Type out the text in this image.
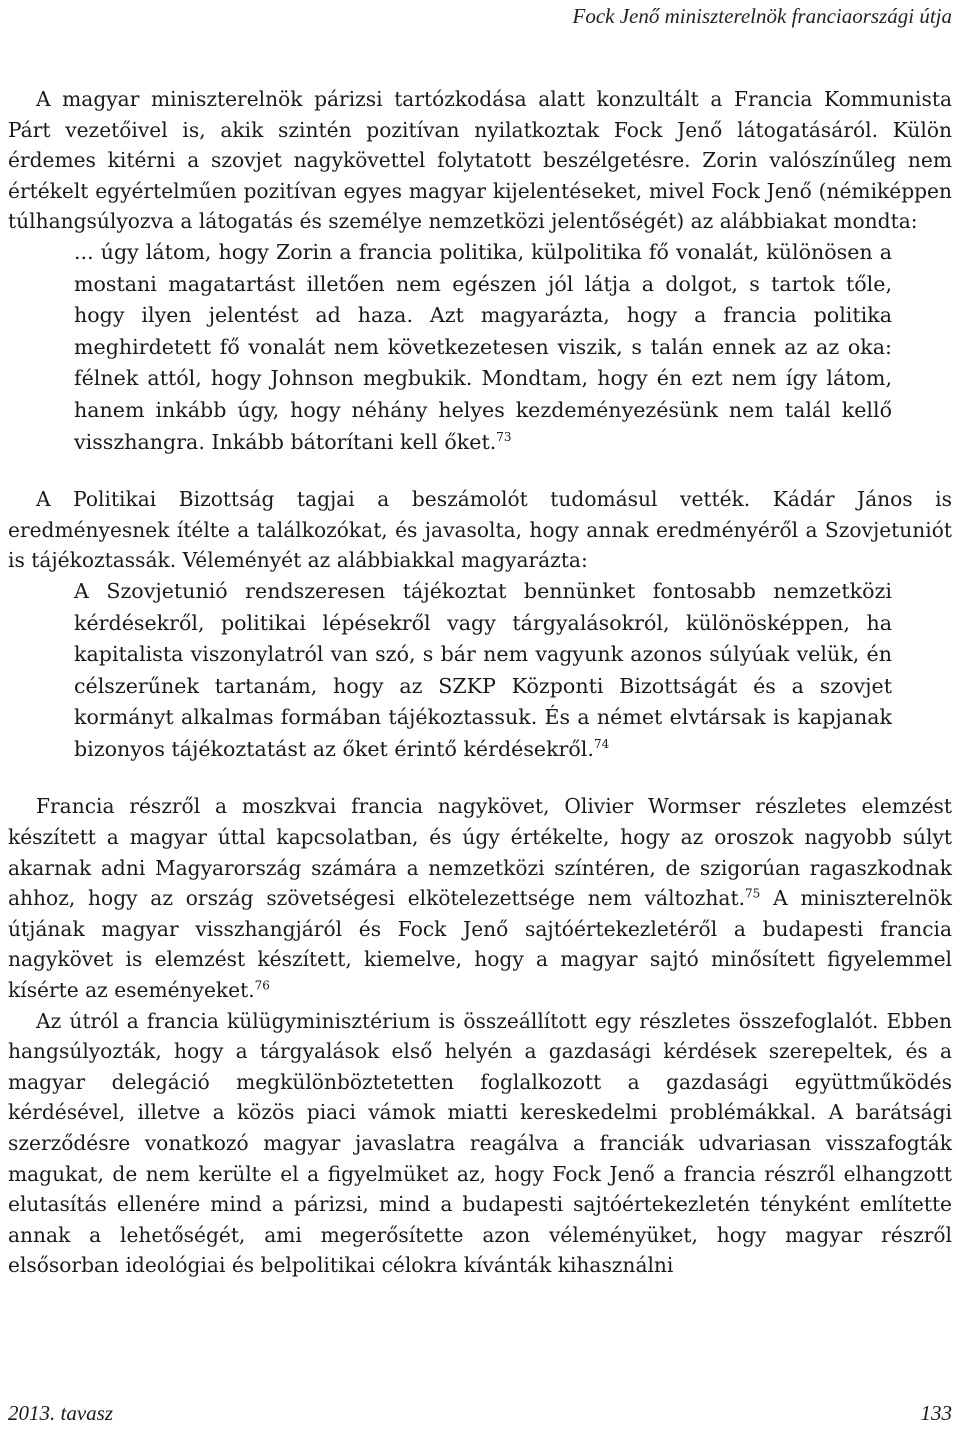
Fock Jenő miniszterelnök franciaországi útja

A magyar miniszterelnök párizsi tartózkodása alatt konzultált a Francia Kommunista Párt vezetőivel is, akik szintén pozitívan nyilatkoztak Fock Jenő látogatásáról. Külön érdemes kitérni a szovjet nagykövettel folytatott beszélgetésre. Zorin valószínűleg nem értékelt egyértelműen pozitívan egyes magyar kijelentéseket, mivel Fock Jenő (némiképpen túlhangsúlyozva a látogatás és személye nemzetközi jelentőségét) az alábbiakat mondta:

... úgy látom, hogy Zorin a francia politika, külpolitika fő vonalát, különösen a mostani magatartást illetően nem egészen jól látja a dolgot, s tartok tőle, hogy ilyen jelentést ad haza. Azt magyarázta, hogy a francia politika meghirdetett fő vonalát nem következetesen viszik, s talán ennek az az oka: félnek attól, hogy Johnson megbukik. Mondtam, hogy én ezt nem így látom, hanem inkább úgy, hogy néhány helyes kezdeményezésünk nem talál kellő visszhangra. Inkább bátorítani kell őket.$^{73}$

A Politikai Bizottság tagjai a beszámolót tudomásul vették. Kádár János is eredményesnek ítélte a találkozókat, és javasolta, hogy annak eredményéről a Szovjetuniót is tájékoztassák. Véleményét az alábbiakkal magyarázta:

A Szovjetunió rendszeresen tájékoztat bennünket fontosabb nemzetközi kérdésekről, politikai lépésekről vagy tárgyalásokról, különösképpen, ha kapitalista viszonylatról van szó, s bár nem vagyunk azonos súlyúak velük, én célszerűnek tartanám, hogy az SZKP Központi Bizottságát és a szovjet kormányt alkalmas formában tájékoztassuk. És a német elvtársak is kapjanak bizonyos tájékoztatást az őket érintő kérdésekről.$^{74}$

Francia részről a moszkvai francia nagykövet, Olivier Wormser részletes elemzést készített a magyar úttal kapcsolatban, és úgy értékelte, hogy az oroszok nagyobb súlyt akarnak adni Magyarország számára a nemzetközi színtéren, de szigorúan ragaszkodnak ahhoz, hogy az ország szövetségesi elkötelezettsége nem változhat.$^{75}$ A miniszterelnök útjának magyar visszhangjáról és Fock Jenő sajtóértekezletéről a budapesti francia nagykövet is elemzést készített, kiemelve, hogy a magyar sajtó minősített figyelemmel kísérte az eseményeket.$^{76}$

Az útról a francia külügyminisztérium is összeállított egy részletes összefoglalót. Ebben hangsúlyozták, hogy a tárgyalások első helyén a gazdasági kérdések szerepeltek, és a magyar delegáció megkülönböztetetten foglalkozott a gazdasági együttműködés kérdésével, illetve a közös piaci vámok miatti kereskedelmi problémákkal. A barátsági szerződésre vonatkozó magyar javaslatra reagálva a franciák udvariasan visszafogták magukat, de nem kerülte el a figyelmüket az, hogy Fock Jenő a francia részről elhangzott elutasítás ellenére mind a párizsi, mind a budapesti sajtóértekezletén tényként említette annak a lehetőségét, ami megerősítette azon véleményüket, hogy magyar részről elsősorban ideológiai és belpolitikai célokra kívánták kihasználni

2013. tavasz	133
